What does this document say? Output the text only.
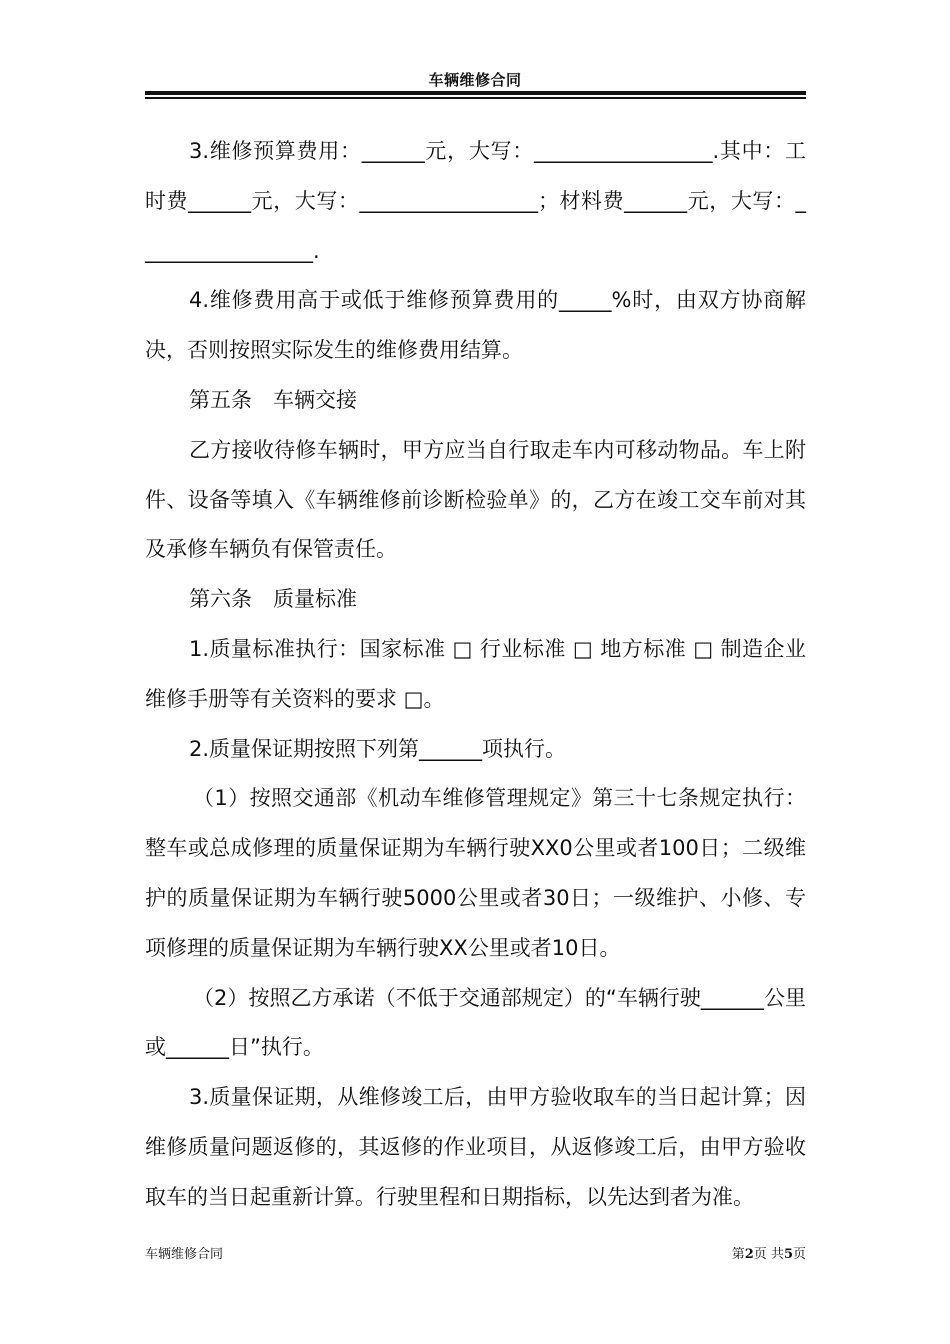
车辆维修合同

3.维修预算费用：______元，大写：_________________.其中：工时费______元，大写：_________________；材料费______元，大写：_________________.

4.维修费用高于或低于维修预算费用的_____%时，由双方协商解决，否则按照实际发生的维修费用结算。

第五条　车辆交接

乙方接收待修车辆时，甲方应当自行取走车内可移动物品。车上附件、设备等填入《车辆维修前诊断检验单》的，乙方在竣工交车前对其及承修车辆负有保管责任。

第六条　质量标准

1.质量标准执行：国家标准 □ 行业标准 □ 地方标准 □ 制造企业维修手册等有关资料的要求 □。

2.质量保证期按照下列第______项执行。

（1）按照交通部《机动车维修管理规定》第三十七条规定执行：整车或总成修理的质量保证期为车辆行驶XX0公里或者100日；二级维护的质量保证期为车辆行驶5000公里或者30日；一级维护、小修、专项修理的质量保证期为车辆行驶XX公里或者10日。

（2）按照乙方承诺（不低于交通部规定）的“车辆行驶______公里或______日”执行。

3.质量保证期，从维修竣工后，由甲方验收取车的当日起计算；因维修质量问题返修的，其返修的作业项目，从返修竣工后，由甲方验收取车的当日起重新计算。行驶里程和日期指标，以先达到者为准。

车辆维修合同	第2页 共5页
